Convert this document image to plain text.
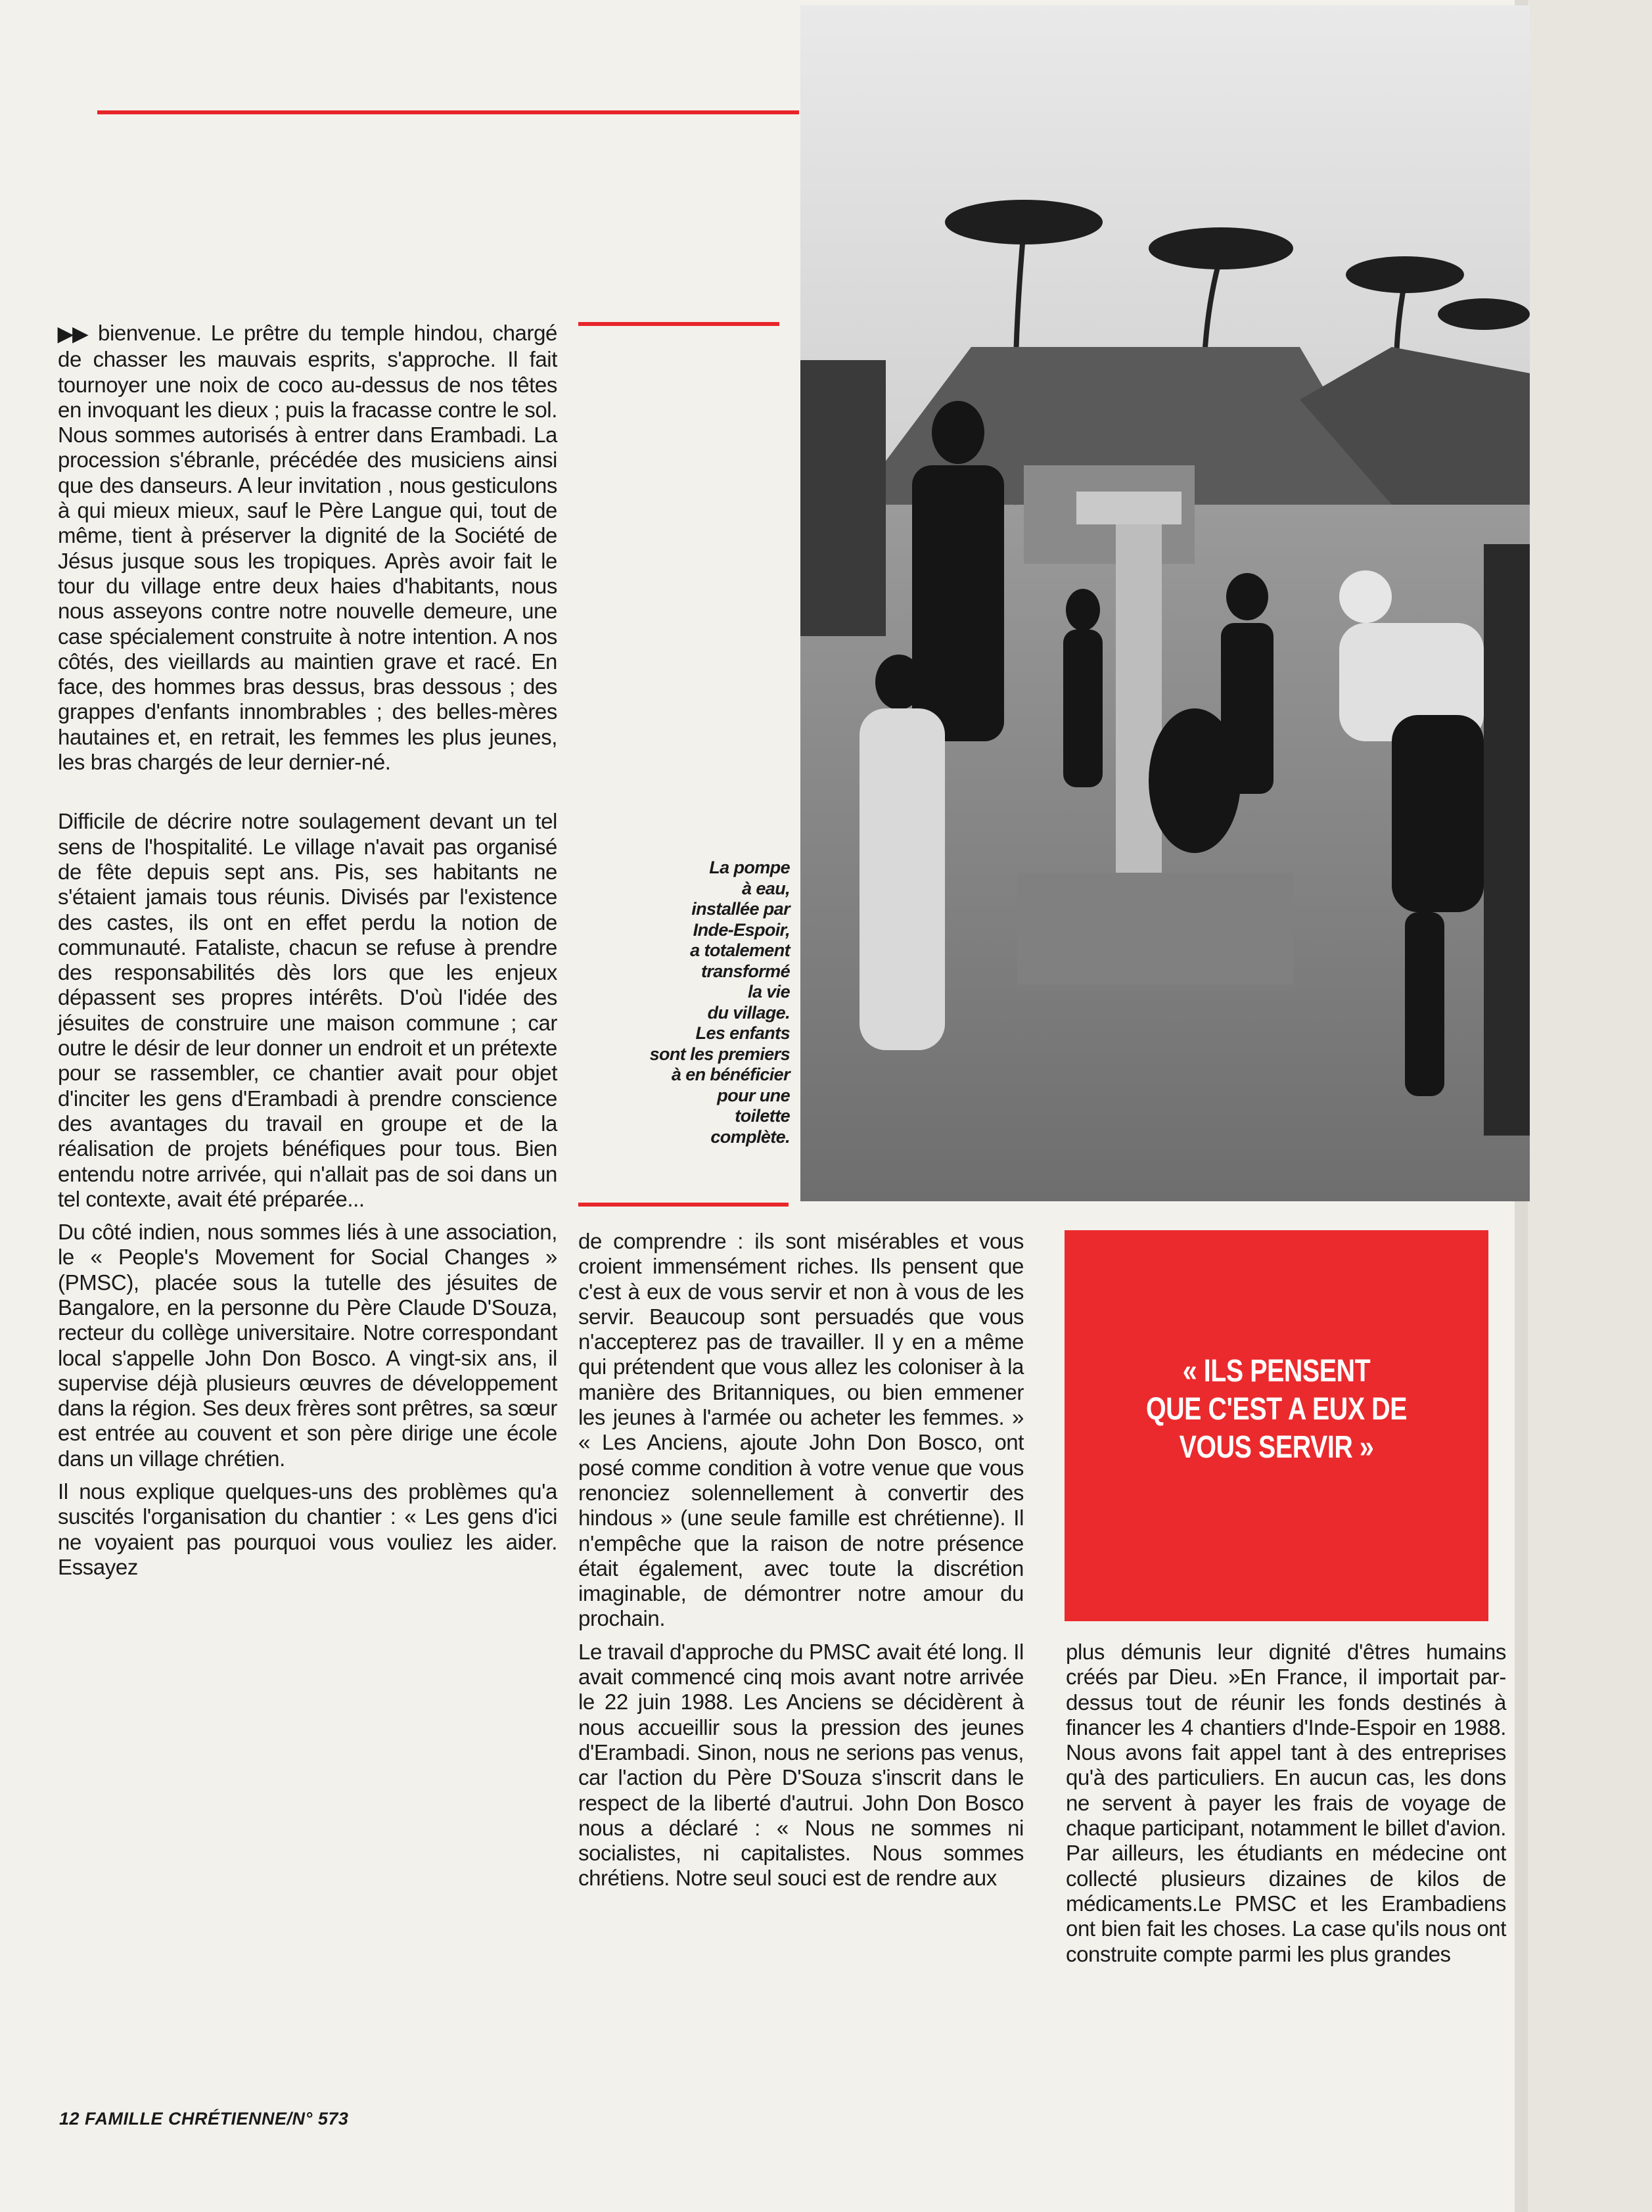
La pompe
à eau,
installée par
Inde-Espoir,
a totalement
transformé
la vie
du village.
Les enfants
sont les premiers
à en bénéficier
pour une
toilette
complète.

▶▶ bienvenue. Le prêtre du temple hindou, chargé de chasser les mauvais esprits, s'approche. Il fait tournoyer une noix de coco au-dessus de nos têtes en invoquant les dieux ; puis la fracasse contre le sol. Nous sommes autorisés à entrer dans Erambadi. La procession s'ébranle, précédée des musiciens ainsi que des danseurs. A leur invitation , nous gesticulons à qui mieux mieux, sauf le Père Langue qui, tout de même, tient à préserver la dignité de la Société de Jésus jusque sous les tropiques. Après avoir fait le tour du village entre deux haies d'habitants, nous nous asseyons contre notre nouvelle demeure, une case spécialement construite à notre intention. A nos côtés, des vieillards au maintien grave et racé. En face, des hommes bras dessus, bras dessous ; des grappes d'enfants innombrables ; des belles-mères hautaines et, en retrait, les femmes les plus jeunes, les bras chargés de leur dernier-né.

Difficile de décrire notre soulagement devant un tel sens de l'hospitalité. Le village n'avait pas organisé de fête depuis sept ans. Pis, ses habitants ne s'étaient jamais tous réunis. Divisés par l'existence des castes, ils ont en effet perdu la notion de communauté. Fataliste, chacun se refuse à prendre des responsabilités dès lors que les enjeux dépassent ses propres intérêts. D'où l'idée des jésuites de construire une maison commune ; car outre le désir de leur donner un endroit et un prétexte pour se rassembler, ce chantier avait pour objet d'inciter les gens d'Erambadi à prendre conscience des avantages du travail en groupe et de la réalisation de projets bénéfiques pour tous. Bien entendu notre arrivée, qui n'allait pas de soi dans un tel contexte, avait été préparée...

Du côté indien, nous sommes liés à une association, le « People's Movement for Social Changes » (PMSC), placée sous la tutelle des jésuites de Bangalore, en la personne du Père Claude D'Souza, recteur du collège universitaire. Notre correspondant local s'appelle John Don Bosco. A vingt-six ans, il supervise déjà plusieurs œuvres de développement dans la région. Ses deux frères sont prêtres, sa sœur est entrée au couvent et son père dirige une école dans un village chrétien.

Il nous explique quelques-uns des problèmes qu'a suscités l'organisation du chantier : « Les gens d'ici ne voyaient pas pourquoi vous vouliez les aider. Essayez

de comprendre : ils sont misérables et vous croient immensément riches. Ils pensent que c'est à eux de vous servir et non à vous de les servir. Beaucoup sont persuadés que vous n'accepterez pas de travailler. Il y en a même qui prétendent que vous allez les coloniser à la manière des Britanniques, ou bien emmener les jeunes à l'armée ou acheter les femmes. » « Les Anciens, ajoute John Don Bosco, ont posé comme condition à votre venue que vous renonciez solennellement à convertir des hindous » (une seule famille est chrétienne). Il n'empêche que la raison de notre présence était également, avec toute la discrétion imaginable, de démontrer notre amour du prochain.

Le travail d'approche du PMSC avait été long. Il avait commencé cinq mois avant notre arrivée le 22 juin 1988. Les Anciens se décidèrent à nous accueillir sous la pression des jeunes d'Erambadi. Sinon, nous ne serions pas venus, car l'action du Père D'Souza s'inscrit dans le respect de la liberté d'autrui. John Don Bosco nous a déclaré : « Nous ne sommes ni socialistes, ni capitalistes. Nous sommes chrétiens. Notre seul souci est de rendre aux

« ILS PENSENT
QUE C'EST A EUX DE
VOUS SERVIR »

plus démunis leur dignité d'êtres humains créés par Dieu. »En France, il importait par-dessus tout de réunir les fonds destinés à financer les 4 chantiers d'Inde-Espoir en 1988. Nous avons fait appel tant à des entreprises qu'à des particuliers. En aucun cas, les dons ne servent à payer les frais de voyage de chaque participant, notamment le billet d'avion. Par ailleurs, les étudiants en médecine ont collecté plusieurs dizaines de kilos de médicaments.Le PMSC et les Erambadiens ont bien fait les choses. La case qu'ils nous ont construite compte parmi les plus grandes

12 FAMILLE CHRÉTIENNE/N° 573
